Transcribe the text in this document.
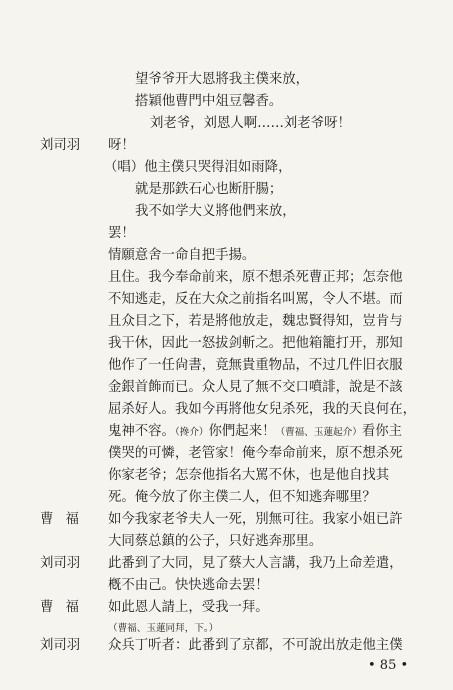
望爷爷开大恩將我主僕来放，
搭穎他曹門中俎豆馨香。
刘老爷，刘恩人啊……刘老爷呀！
刘司羽 呀！
（唱）他主僕只哭得泪如雨降，
就是那鉄石心也断肝腸；
我不如学大义將他們来放，
罢！
情願意舍一命自把手揚。
且住。我今奉命前来，原不想杀死曹正邦；怎奈他
不知逃走，反在大众之前指名叫罵，令人不堪。而
且众目之下，若是將他放走，魏忠賢得知，豈肯与
我干休，因此一怒拔剑斬之。把他箱籠打开，那知
他作了一任尙書，竟無貴重物品，不过几件旧衣服
金銀首飾而已。众人見了無不交口噴誹，說是不該
屈杀好人。我如今再將他女兒杀死，我的天良何在，
鬼神不容。（搀介）你們起来！（曹福、玉蓮起介）看你主
僕哭的可憐，老管家！俺今奉命前来，原不想杀死
你家老爷；怎奈他指名大罵不休，也是他自找其
死。俺今放了你主僕二人，但不知逃奔哪里？
曹福 如今我家老爷夫人一死，別無可往。我家小姐已許
大同蔡总鎮的公子，只好逃奔那里。
刘司羽 此番到了大同，見了蔡大人言講，我乃上命差遣，
槪不由己。快快逃命去罢！
曹福 如此恩人請上，受我一拜。
（曹福、玉蓮同拜，下。）
刘司羽 众兵丁听者：此番到了京都，不可說出放走他主僕
• 85 •
